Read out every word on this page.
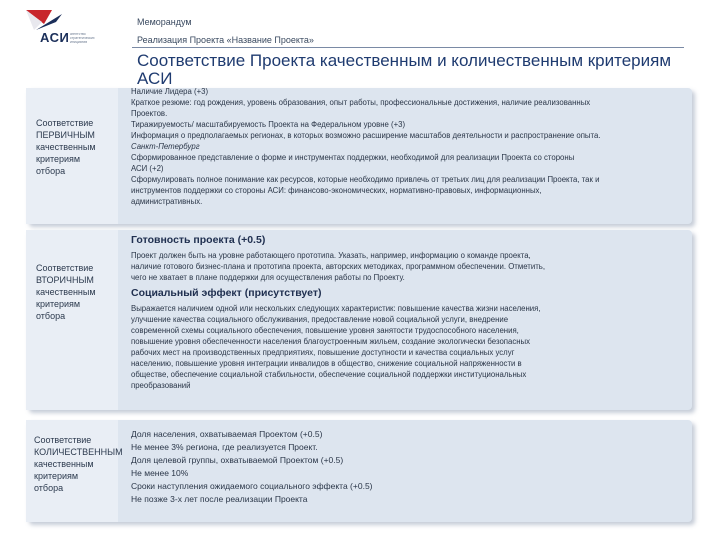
АСИ агентство стратегических инициатив
Меморандум
Реализация Проекта «Название Проекта»
Соответствие Проекта качественным и количественным критериям АСИ
Соответствие
ПЕРВИЧНЫМ
качественным
критериям
отбора
Наличие Лидера (+3)
Краткое резюме: год рождения, уровень образования, опыт работы, профессиональные достижения, наличие реализованных
Проектов.
Тиражируемость/ масштабируемость Проекта на Федеральном уровне (+3)
Информация о предполагаемых регионах, в которых возможно расширение масштабов деятельности и распространение опыта.
Санкт-Петербург
Сформированное представление о форме и инструментах поддержки, необходимой для реализации Проекта со стороны
АСИ (+2)
Сформулировать полное понимание как ресурсов, которые необходимо привлечь от третьих лиц для реализации Проекта, так и
инструментов поддержки со стороны АСИ: финансово-экономических, нормативно-правовых, информационных,
административных.
Соответствие
ВТОРИЧНЫМ
качественным
критериям
отбора
Готовность проекта (+0.5)
Проект должен быть на уровне работающего прототипа. Указать, например, информацию о команде проекта,
наличие готового бизнес-плана и прототипа проекта, авторских методиках, программном обеспечении. Отметить,
чего не хватает в плане поддержки для осуществления работы по Проекту.
Социальный эффект (присутствует)
Выражается наличием одной или нескольких следующих характеристик: повышение качества жизни населения,
улучшение качества социального обслуживания, предоставление новой социальной услуги, внедрение
современной схемы социального обеспечения, повышение уровня занятости трудоспособного населения,
повышение уровня обеспеченности населения благоустроенным жильем, создание экологически безопасных
рабочих мест на производственных предприятиях, повышение доступности и качества социальных услуг
населению, повышение уровня интеграции инвалидов в общество, снижение социальной напряженности в
обществе, обеспечение социальной стабильности, обеспечение социальной поддержки институциональных
преобразований
Соответствие
КОЛИЧЕСТВЕННЫМ
качественным
критериям
отбора
Доля населения, охватываемая Проектом (+0.5)
Не менее 3% региона, где реализуется Проект.
Доля целевой группы, охватываемой Проектом (+0.5)
Не менее 10%
Сроки наступления ожидаемого социального эффекта (+0.5)
Не позже 3-х лет после реализации Проекта
